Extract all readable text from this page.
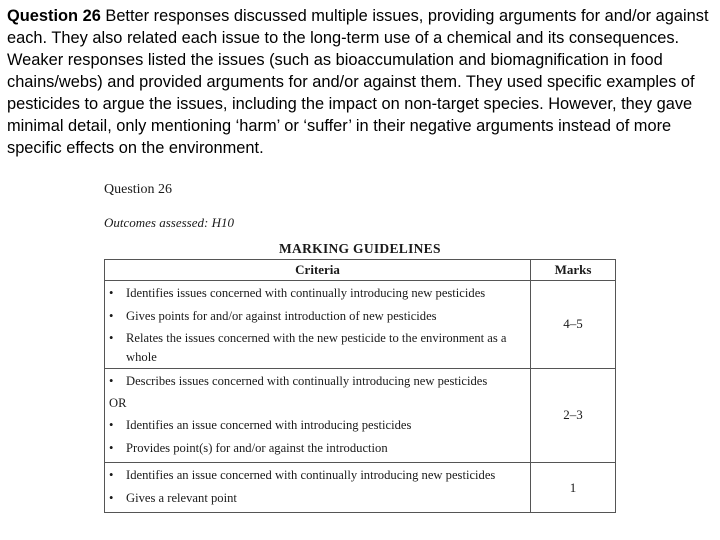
Question 26 Better responses discussed multiple issues, providing arguments for and/or against each. They also related each issue to the long-term use of a chemical and its consequences.

Weaker responses listed the issues (such as bioaccumulation and biomagnification in food chains/webs) and provided arguments for and/or against them. They used specific examples of pesticides to argue the issues, including the impact on non-target species. However, they gave minimal detail, only mentioning ‘harm’ or ‘suffer’ in their negative arguments instead of more specific effects on the environment.

Question 26
Outcomes assessed: H10
MARKING GUIDELINES
Criteria	Marks

• Identifies issues concerned with continually introducing new pesticides
• Gives points for and/or against introduction of new pesticides
• Relates the issues concerned with the new pesticide to the environment as a
whole	4–5

• Describes issues concerned with continually introducing new pesticides
OR
• Identifies an issue concerned with introducing pesticides
• Provides point(s) for and/or against the introduction	2–3

• Identifies an issue concerned with continually introducing new pesticides
• Gives a relevant point	1
